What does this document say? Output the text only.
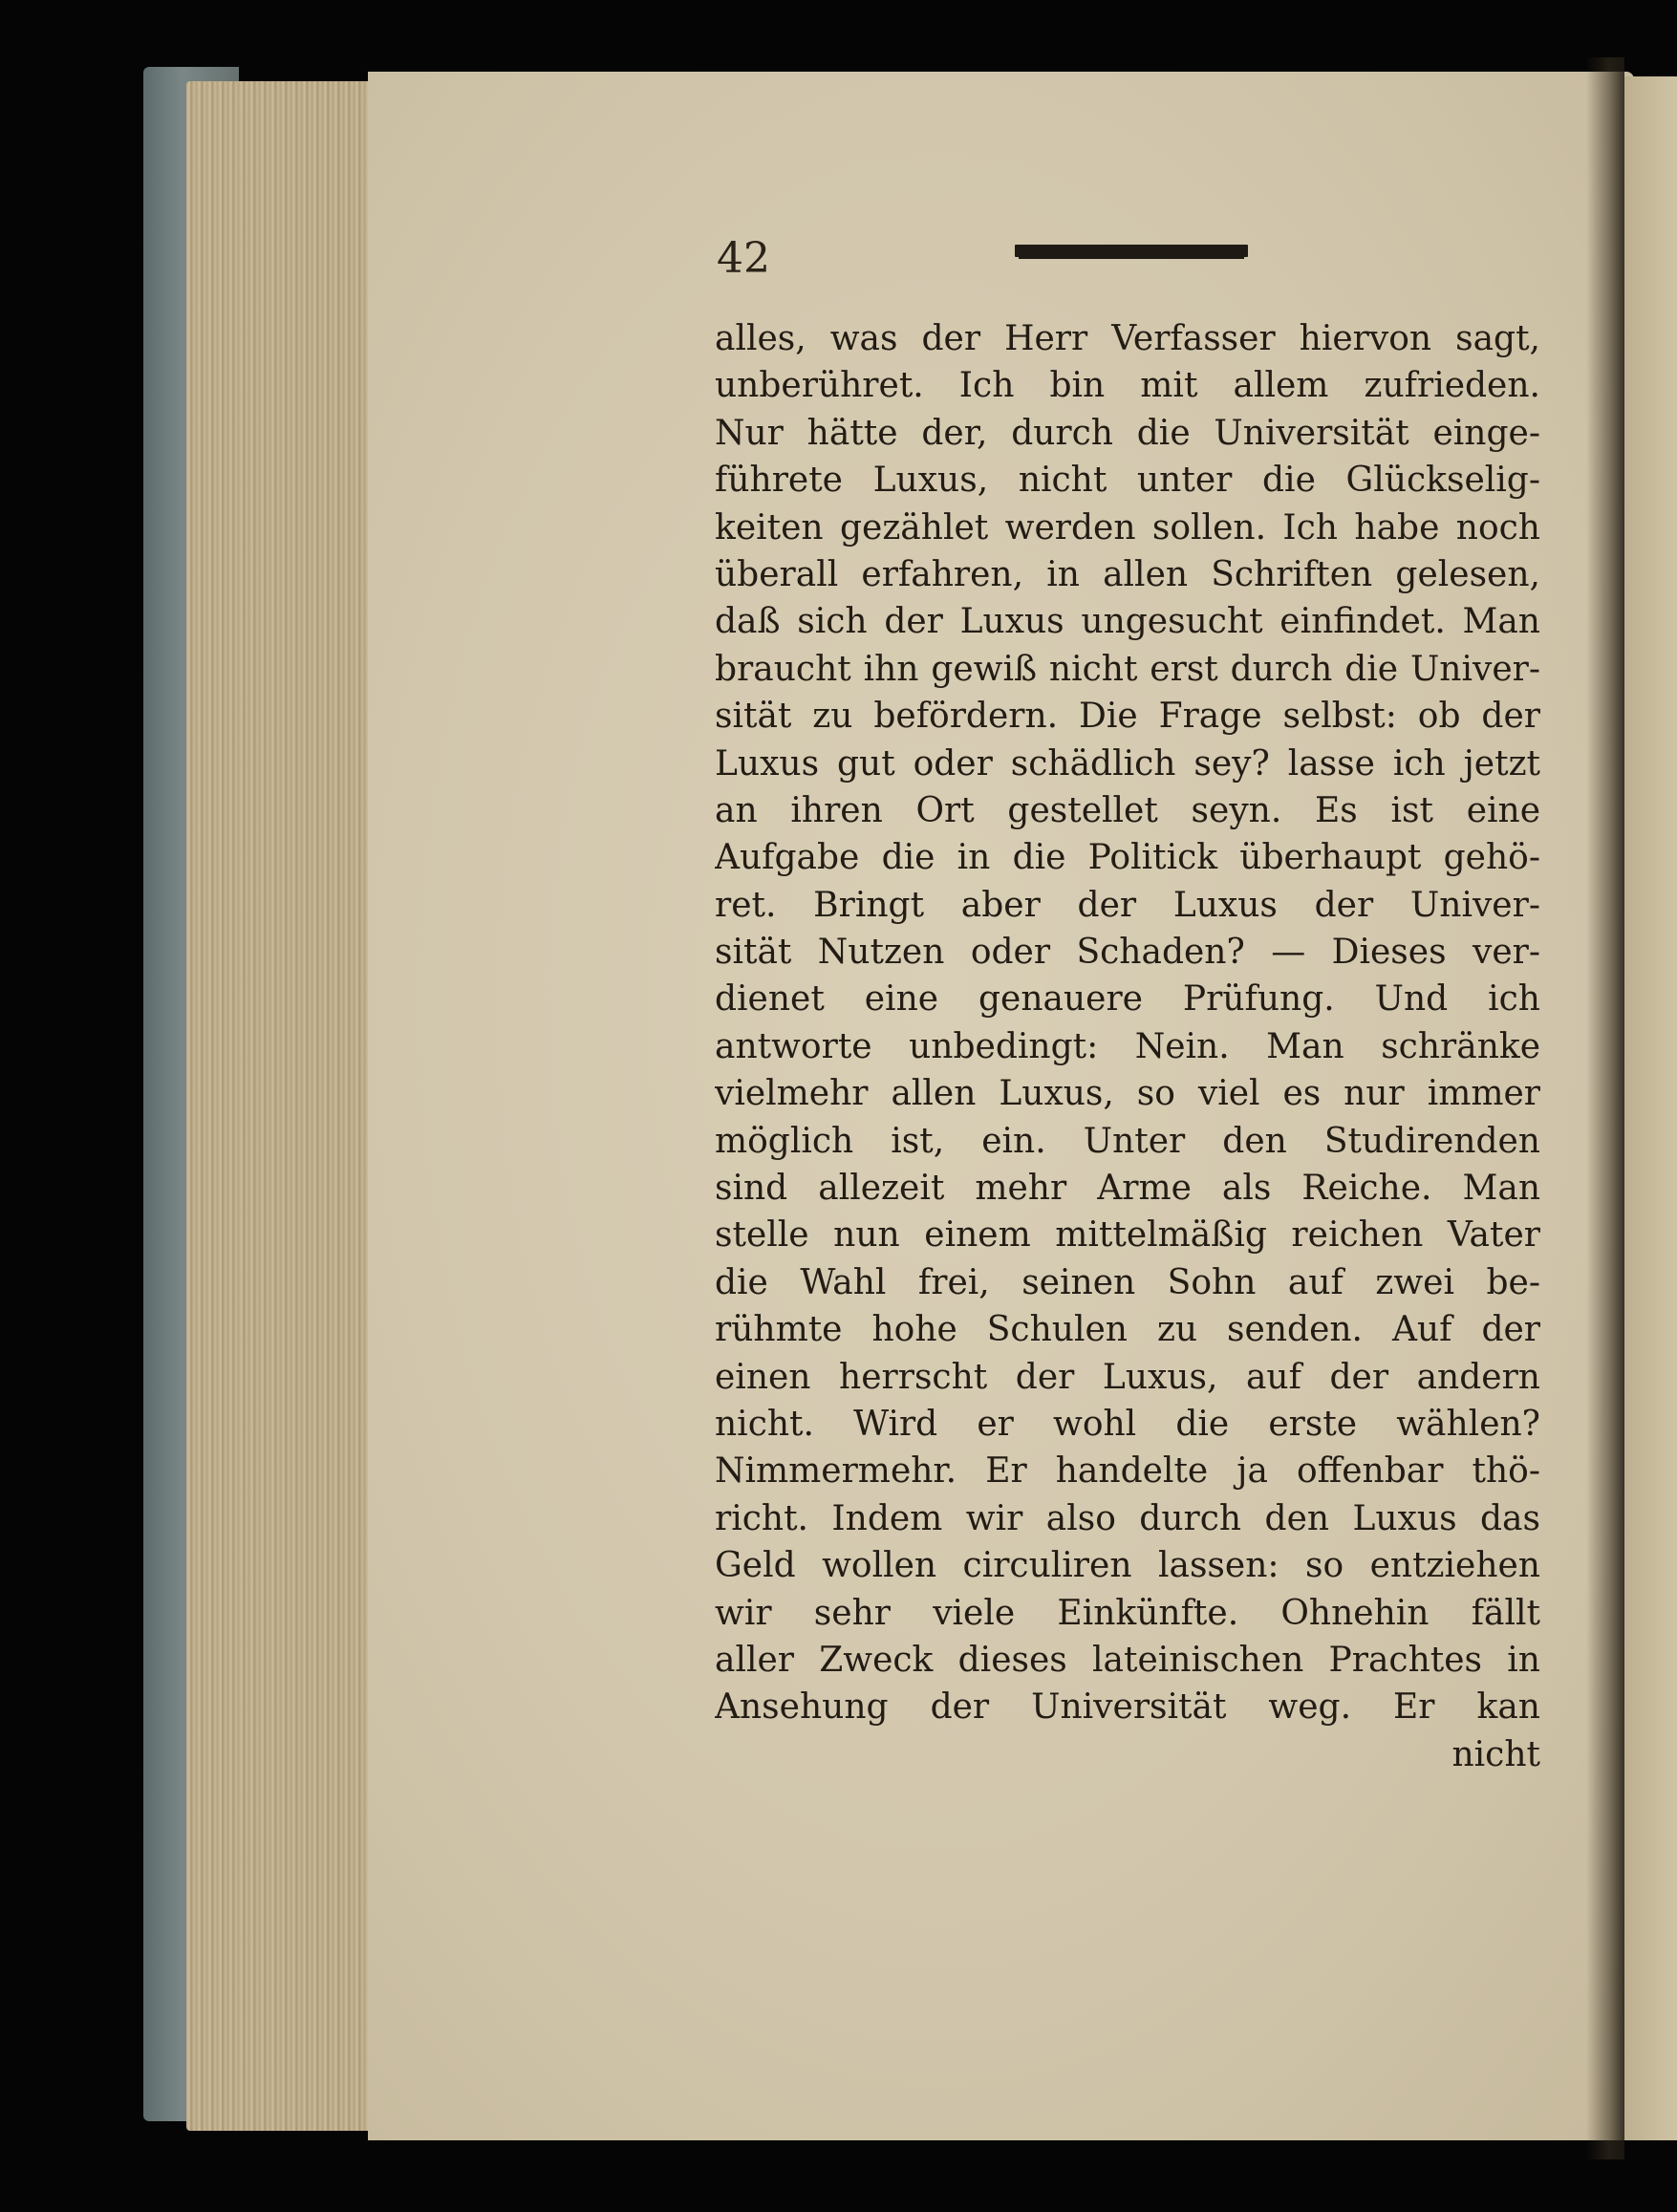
42

alles, was der Herr Verfasser hiervon sagt,
unberühret. Ich bin mit allem zufrieden.
Nur hätte der, durch die Universität einge-
führete Luxus, nicht unter die Glückselig-
keiten gezählet werden sollen. Ich habe noch
überall erfahren, in allen Schriften gelesen,
daß sich der Luxus ungesucht einfindet. Man
braucht ihn gewiß nicht erst durch die Univer-
sität zu befördern. Die Frage selbst: ob der
Luxus gut oder schädlich sey? lasse ich jetzt
an ihren Ort gestellet seyn. Es ist eine
Aufgabe die in die Politick überhaupt gehö-
ret. Bringt aber der Luxus der Univer-
sität Nutzen oder Schaden? — Dieses ver-
dienet eine genauere Prüfung. Und ich
antworte unbedingt: Nein. Man schränke
vielmehr allen Luxus, so viel es nur immer
möglich ist, ein. Unter den Studirenden
sind allezeit mehr Arme als Reiche. Man
stelle nun einem mittelmäßig reichen Vater
die Wahl frei, seinen Sohn auf zwei be-
rühmte hohe Schulen zu senden. Auf der
einen herrscht der Luxus, auf der andern
nicht. Wird er wohl die erste wählen?
Nimmermehr. Er handelte ja offenbar thö-
richt. Indem wir also durch den Luxus das
Geld wollen circuliren lassen: so entziehen
wir sehr viele Einkünfte. Ohnehin fällt
aller Zweck dieses lateinischen Prachtes in
Ansehung der Universität weg. Er kan
nicht
